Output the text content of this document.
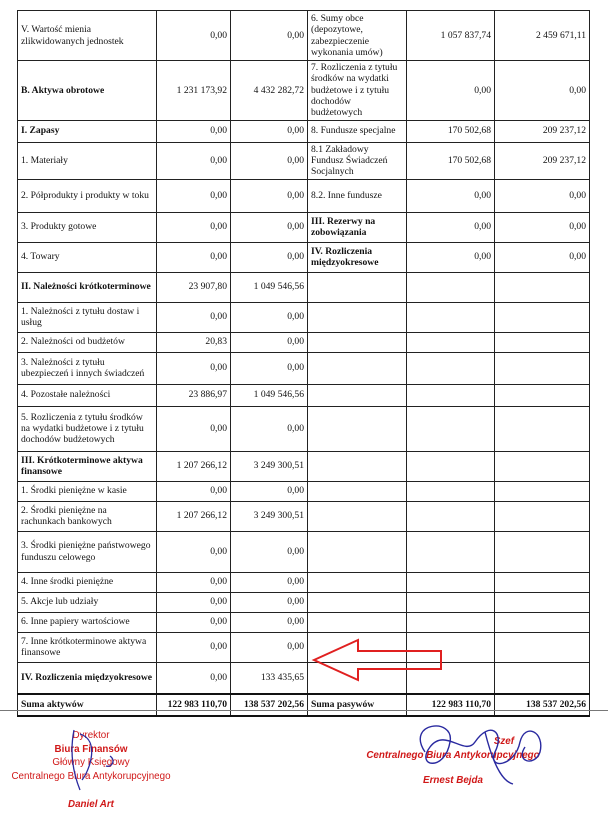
V. Wartość mienia zlikwidowanych jednostek	0,00	0,00	6. Sumy obce (depozytowe, zabezpieczenie wykonania umów)	1 057 837,74	2 459 671,11
B. Aktywa obrotowe	1 231 173,92	4 432 282,72	7. Rozliczenia z tytułu środków na wydatki budżetowe i z tytułu dochodów budżetowych	0,00	0,00
I. Zapasy	0,00	0,00	8. Fundusze specjalne	170 502,68	209 237,12
1. Materiały	0,00	0,00	8.1 Zakładowy Fundusz Świadczeń Socjalnych	170 502,68	209 237,12
2. Półprodukty i produkty w toku	0,00	0,00	8.2. Inne fundusze	0,00	0,00
3. Produkty gotowe	0,00	0,00	III. Rezerwy na zobowiązania	0,00	0,00
4. Towary	0,00	0,00	IV. Rozliczenia międzyokresowe	0,00	0,00
II. Należności krótkoterminowe	23 907,80	1 049 546,56			
1. Należności z tytułu dostaw i usług	0,00	0,00			
2. Należności od budżetów	20,83	0,00			
3. Należności z tytułu ubezpieczeń i innych świadczeń	0,00	0,00			
4. Pozostałe należności	23 886,97	1 049 546,56			
5. Rozliczenia z tytułu środków na wydatki budżetowe i z tytułu dochodów budżetowych	0,00	0,00			
III. Krótkoterminowe aktywa finansowe	1 207 266,12	3 249 300,51			
1. Środki pieniężne w kasie	0,00	0,00			
2. Środki pieniężne na rachunkach bankowych	1 207 266,12	3 249 300,51			
3. Środki pieniężne państwowego funduszu celowego	0,00	0,00			
4. Inne środki pieniężne	0,00	0,00			
5. Akcje lub udziały	0,00	0,00			
6. Inne papiery wartościowe	0,00	0,00			
7. Inne krótkoterminowe aktywa finansowe	0,00	0,00			
IV. Rozliczenia międzyokresowe	0,00	133 435,65			
Suma aktywów	122 983 110,70	138 537 202,56	Suma pasywów	122 983 110,70	138 537 202,56
Dyrektor
Biura Finansów
Główny Księgowy
Centralnego Biura Antykorupcyjnego
Daniel Art
Szef
Centralnego Biura Antykorupcyjnego
Ernest Bejda
